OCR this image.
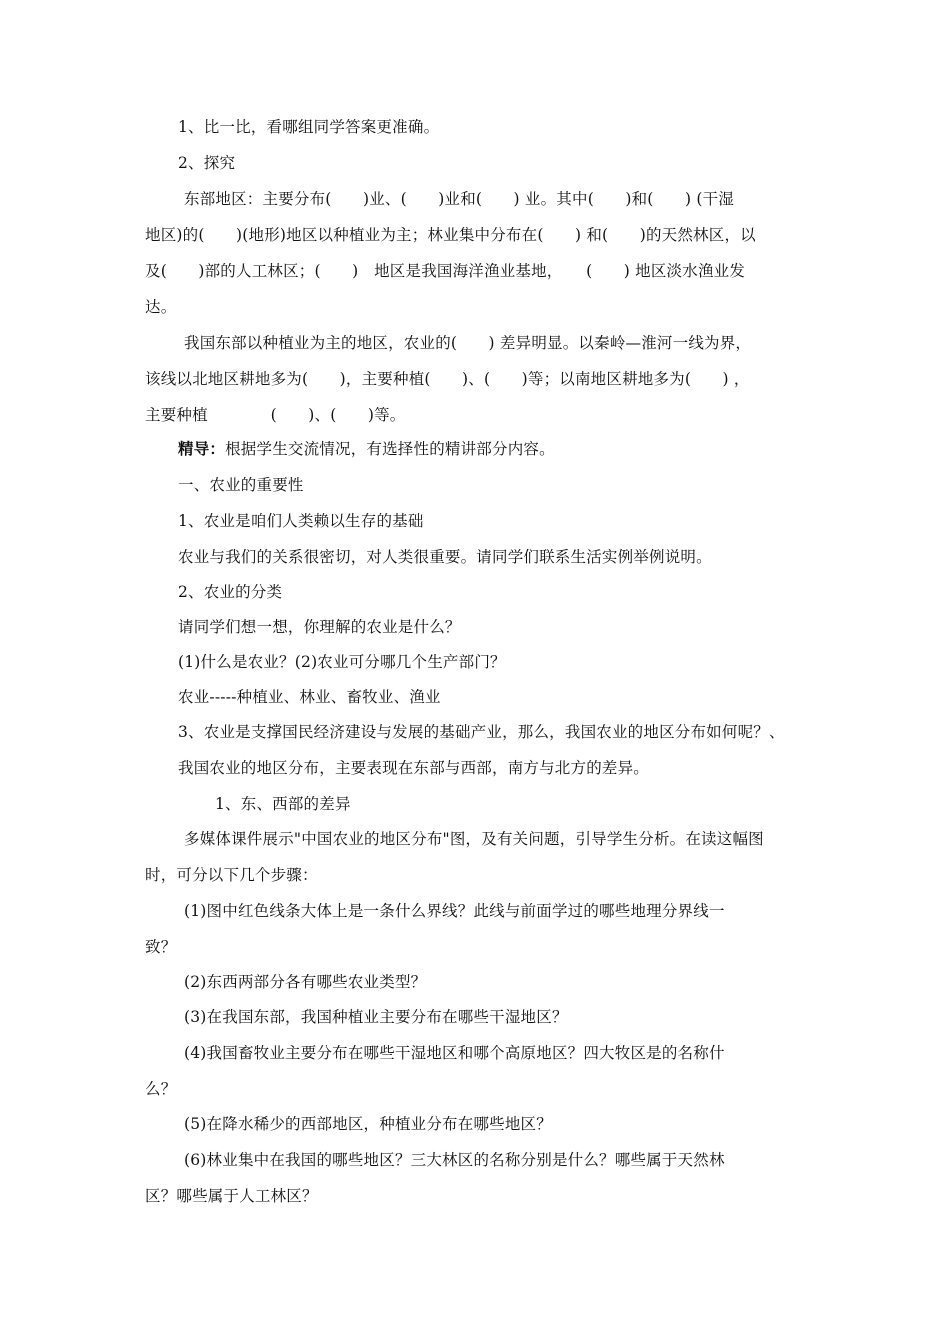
1、比一比，看哪组同学答案更准确。
2、探究
东部地区：主要分布(　　)业、(　　)业和(　　) 业。其中(　　)和(　　) (干湿
地区)的(　　)(地形)地区以种植业为主；林业集中分布在(　　) 和(　　)的天然林区，以
及(　　)部的人工林区；(　　)　地区是我国海洋渔业基地，　　(　　) 地区淡水渔业发
达。
我国东部以种植业为主的地区，农业的(　　) 差异明显。以秦岭—淮河一线为界，
该线以北地区耕地多为(　　)，主要种植(　　)、(　　)等；以南地区耕地多为(　　) ，
主要种植　　　　(　　)、(　　)等。
精导：根据学生交流情况，有选择性的精讲部分内容。
一、农业的重要性
1、农业是咱们人类赖以生存的基础
农业与我们的关系很密切，对人类很重要。请同学们联系生活实例举例说明。
2、农业的分类
请同学们想一想，你理解的农业是什么？
(1)什么是农业？(2)农业可分哪几个生产部门？
农业-----种植业、林业、畜牧业、渔业
3、农业是支撑国民经济建设与发展的基础产业，那么，我国农业的地区分布如何呢？、
我国农业的地区分布，主要表现在东部与西部，南方与北方的差异。
1、东、西部的差异
多媒体课件展示"中国农业的地区分布"图，及有关问题，引导学生分析。在读这幅图
时，可分以下几个步骤：
(1)图中红色线条大体上是一条什么界线？此线与前面学过的哪些地理分界线一
致？
(2)东西两部分各有哪些农业类型？
(3)在我国东部，我国种植业主要分布在哪些干湿地区？
(4)我国畜牧业主要分布在哪些干湿地区和哪个高原地区？四大牧区是的名称什
么？
(5)在降水稀少的西部地区，种植业分布在哪些地区？
(6)林业集中在我国的哪些地区？三大林区的名称分别是什么？哪些属于天然林
区？哪些属于人工林区？
